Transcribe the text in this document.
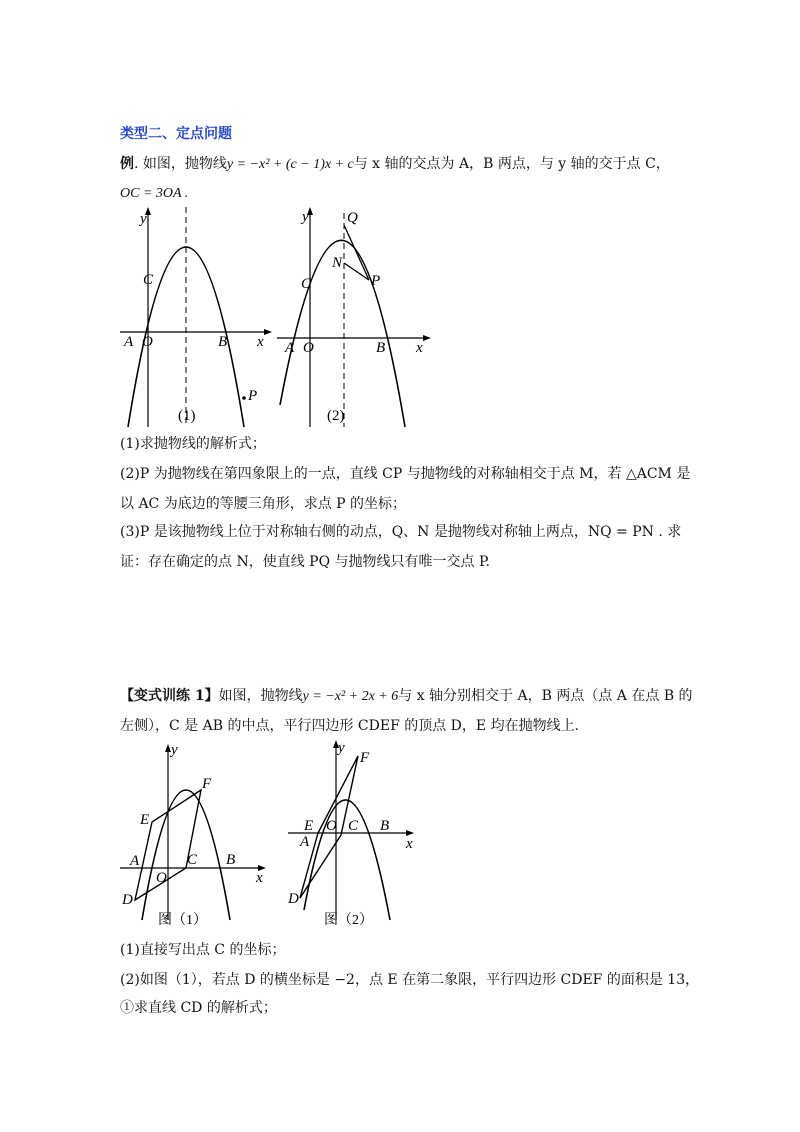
类型二、定点问题
例. 如图，抛物线y = −x² + (c − 1)x + c与 x 轴的交点为 A，B 两点，与 y 轴的交于点 C，
OC = 3OA .
y
C
A O	B x
P
(1)
y	Q
N
P
C
A O	B x
(2)
(1)求抛物线的解析式；
(2)P 为抛物线在第四象限上的一点，直线 CP 与抛物线的对称轴相交于点 M，若 △ACM 是
以 AC 为底边的等腰三角形，求点 P 的坐标；
(3)P 是该抛物线上位于对称轴右侧的动点，Q、N 是抛物线对称轴上两点，NQ = PN . 求
证：存在确定的点 N，使直线 PQ 与抛物线只有唯一交点 P.
【变式训练 1】如图，抛物线y = −x² + 2x + 6与 x 轴分别相交于 A，B 两点（点 A 在点 B 的
左侧），C 是 AB 的中点，平行四边形 CDEF 的顶点 D，E 均在抛物线上.
y
F
E
A
O
C B
x
D
图（1）
y
F
E O C B
x
A
D
图（2）
(1)直接写出点 C 的坐标；
(2)如图（1），若点 D 的横坐标是 −2，点 E 在第二象限，平行四边形 CDEF 的面积是 13，
①求直线 CD 的解析式；
